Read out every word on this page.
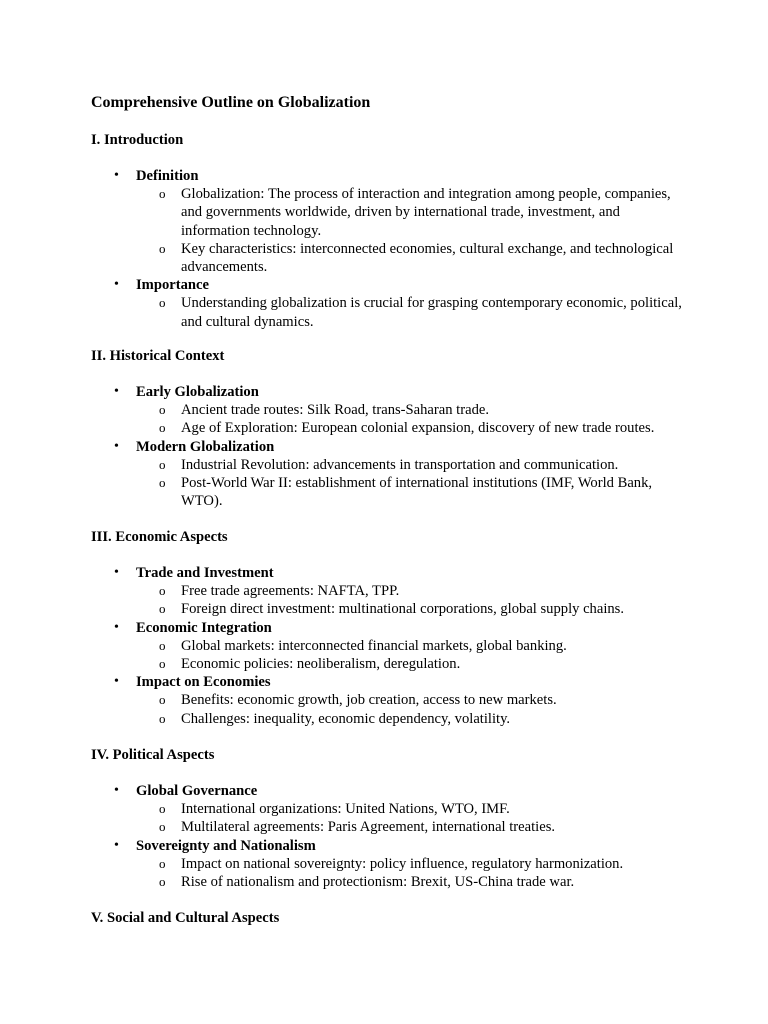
Comprehensive Outline on Globalization
I. Introduction
• Definition
o Globalization: The process of interaction and integration among people, companies, and governments worldwide, driven by international trade, investment, and information technology.
o Key characteristics: interconnected economies, cultural exchange, and technological advancements.
• Importance
o Understanding globalization is crucial for grasping contemporary economic, political, and cultural dynamics.
II. Historical Context
• Early Globalization
o Ancient trade routes: Silk Road, trans-Saharan trade.
o Age of Exploration: European colonial expansion, discovery of new trade routes.
• Modern Globalization
o Industrial Revolution: advancements in transportation and communication.
o Post-World War II: establishment of international institutions (IMF, World Bank, WTO).
III. Economic Aspects
• Trade and Investment
o Free trade agreements: NAFTA, TPP.
o Foreign direct investment: multinational corporations, global supply chains.
• Economic Integration
o Global markets: interconnected financial markets, global banking.
o Economic policies: neoliberalism, deregulation.
• Impact on Economies
o Benefits: economic growth, job creation, access to new markets.
o Challenges: inequality, economic dependency, volatility.
IV. Political Aspects
• Global Governance
o International organizations: United Nations, WTO, IMF.
o Multilateral agreements: Paris Agreement, international treaties.
• Sovereignty and Nationalism
o Impact on national sovereignty: policy influence, regulatory harmonization.
o Rise of nationalism and protectionism: Brexit, US-China trade war.
V. Social and Cultural Aspects
